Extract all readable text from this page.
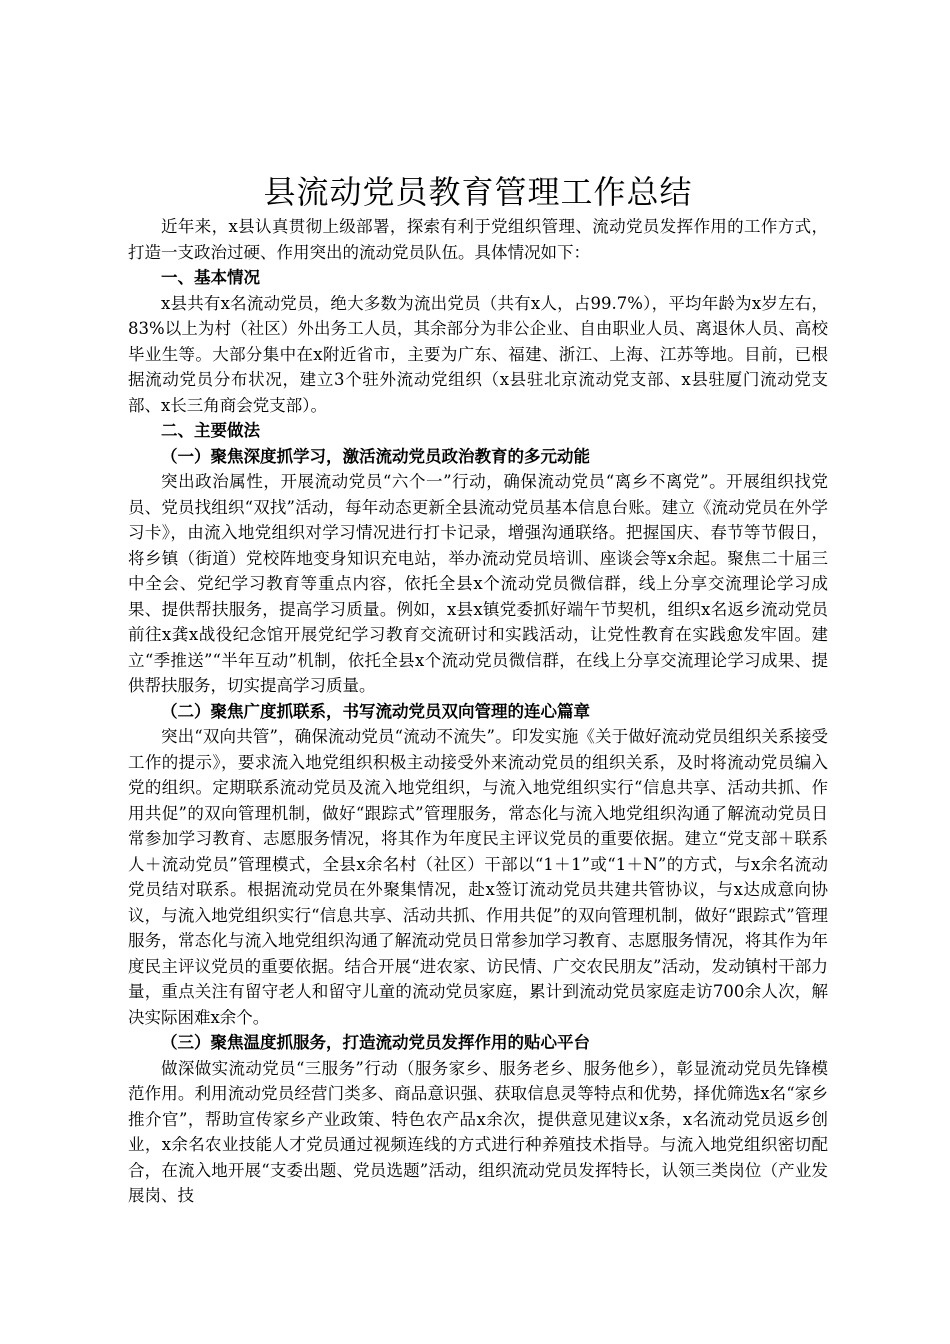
县流动党员教育管理工作总结

近年来，x县认真贯彻上级部署，探索有利于党组织管理、流动党员发挥作用的工作方式，打造一支政治过硬、作用突出的流动党员队伍。具体情况如下：

一、基本情况

x县共有x名流动党员，绝大多数为流出党员（共有x人，占99.7%），平均年龄为x岁左右，83%以上为村（社区）外出务工人员，其余部分为非公企业、自由职业人员、离退休人员、高校毕业生等。大部分集中在x附近省市，主要为广东、福建、浙江、上海、江苏等地。目前，已根据流动党员分布状况，建立3个驻外流动党组织（x县驻北京流动党支部、x县驻厦门流动党支部、x长三角商会党支部）。

二、主要做法

（一）聚焦深度抓学习，激活流动党员政治教育的多元动能

突出政治属性，开展流动党员“六个一”行动，确保流动党员“离乡不离党”。开展组织找党员、党员找组织“双找”活动，每年动态更新全县流动党员基本信息台账。建立《流动党员在外学习卡》，由流入地党组织对学习情况进行打卡记录，增强沟通联络。把握国庆、春节等节假日，将乡镇（街道）党校阵地变身知识充电站，举办流动党员培训、座谈会等x余起。聚焦二十届三中全会、党纪学习教育等重点内容，依托全县x个流动党员微信群，线上分享交流理论学习成果、提供帮扶服务，提高学习质量。例如，x县x镇党委抓好端午节契机，组织x名返乡流动党员前往x龚x战役纪念馆开展党纪学习教育交流研讨和实践活动，让党性教育在实践愈发牢固。建立“季推送”“半年互动”机制，依托全县x个流动党员微信群，在线上分享交流理论学习成果、提供帮扶服务，切实提高学习质量。

（二）聚焦广度抓联系，书写流动党员双向管理的连心篇章

突出“双向共管”，确保流动党员“流动不流失”。印发实施《关于做好流动党员组织关系接受工作的提示》，要求流入地党组织积极主动接受外来流动党员的组织关系，及时将流动党员编入党的组织。定期联系流动党员及流入地党组织，与流入地党组织实行“信息共享、活动共抓、作用共促”的双向管理机制，做好“跟踪式”管理服务，常态化与流入地党组织沟通了解流动党员日常参加学习教育、志愿服务情况，将其作为年度民主评议党员的重要依据。建立“党支部＋联系人＋流动党员”管理模式，全县x余名村（社区）干部以“1＋1”或“1＋N”的方式，与x余名流动党员结对联系。根据流动党员在外聚集情况，赴x签订流动党员共建共管协议，与x达成意向协议，与流入地党组织实行“信息共享、活动共抓、作用共促”的双向管理机制，做好“跟踪式”管理服务，常态化与流入地党组织沟通了解流动党员日常参加学习教育、志愿服务情况，将其作为年度民主评议党员的重要依据。结合开展“进农家、访民情、广交农民朋友”活动，发动镇村干部力量，重点关注有留守老人和留守儿童的流动党员家庭，累计到流动党员家庭走访700余人次，解决实际困难x余个。

（三）聚焦温度抓服务，打造流动党员发挥作用的贴心平台

做深做实流动党员“三服务”行动（服务家乡、服务老乡、服务他乡），彰显流动党员先锋模范作用。利用流动党员经营门类多、商品意识强、获取信息灵等特点和优势，择优筛选x名“家乡推介官”，帮助宣传家乡产业政策、特色农产品x余次，提供意见建议x条，x名流动党员返乡创业，x余名农业技能人才党员通过视频连线的方式进行种养殖技术指导。与流入地党组织密切配合，在流入地开展“支委出题、党员选题”活动，组织流动党员发挥特长，认领三类岗位（产业发展岗、技
